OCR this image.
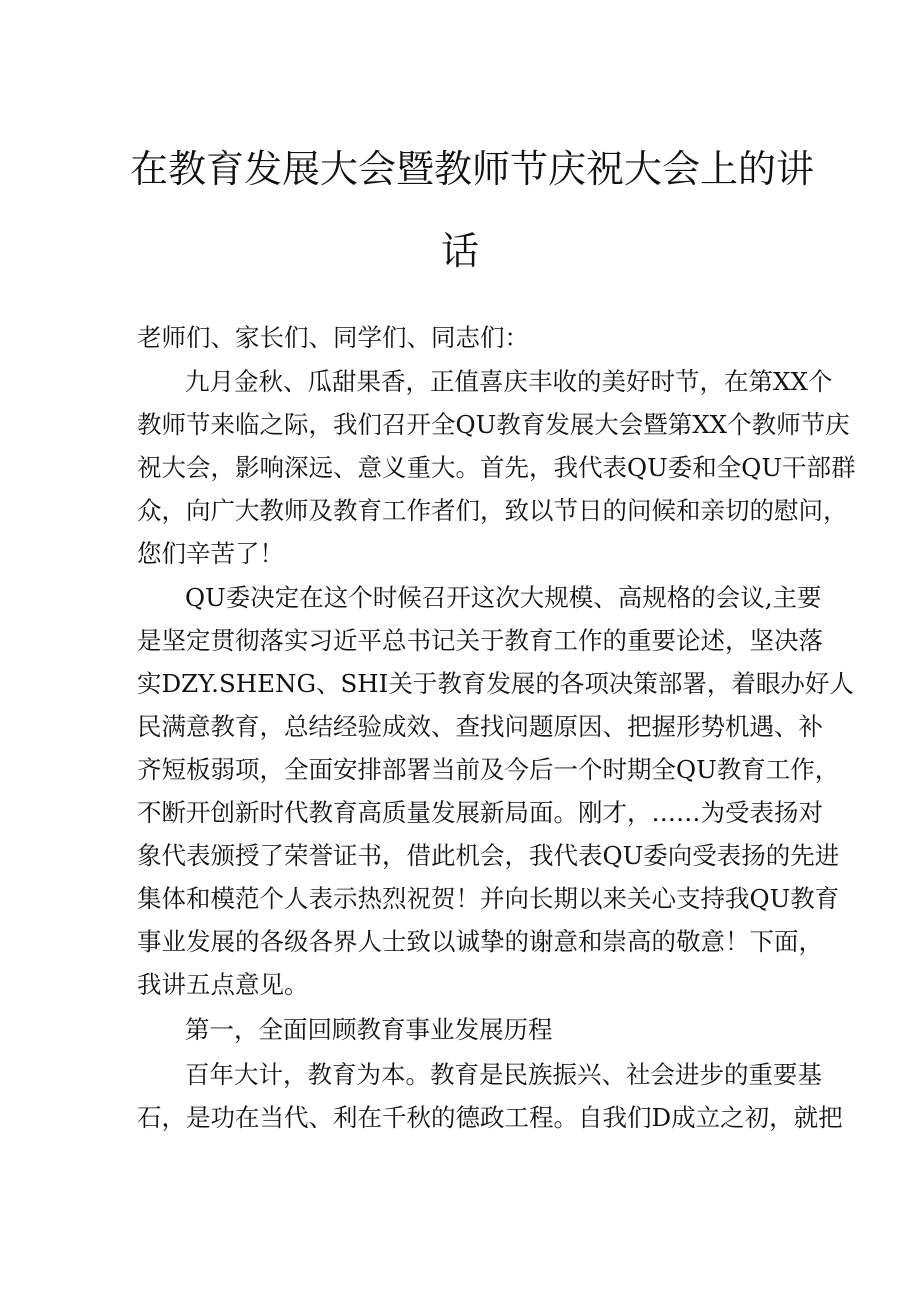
在教育发展大会暨教师节庆祝大会上的讲
话
老师们、家长们、同学们、同志们：
九月金秋、瓜甜果香，正值喜庆丰收的美好时节，在第XX个
教师节来临之际，我们召开全QU教育发展大会暨第XX个教师节庆
祝大会，影响深远、意义重大。首先，我代表QU委和全QU干部群
众，向广大教师及教育工作者们，致以节日的问候和亲切的慰问，
您们辛苦了！
QU委决定在这个时候召开这次大规模、高规格的会议,主要
是坚定贯彻落实习近平总书记关于教育工作的重要论述，坚决落
实DZY.SHENG、SHI关于教育发展的各项决策部署，着眼办好人
民满意教育，总结经验成效、查找问题原因、把握形势机遇、补
齐短板弱项，全面安排部署当前及今后一个时期全QU教育工作，
不断开创新时代教育高质量发展新局面。刚才，……为受表扬对
象代表颁授了荣誉证书，借此机会，我代表QU委向受表扬的先进
集体和模范个人表示热烈祝贺！并向长期以来关心支持我QU教育
事业发展的各级各界人士致以诚挚的谢意和崇高的敬意！下面，
我讲五点意见。
第一，全面回顾教育事业发展历程
百年大计，教育为本。教育是民族振兴、社会进步的重要基
石，是功在当代、利在千秋的德政工程。自我们D成立之初，就把
